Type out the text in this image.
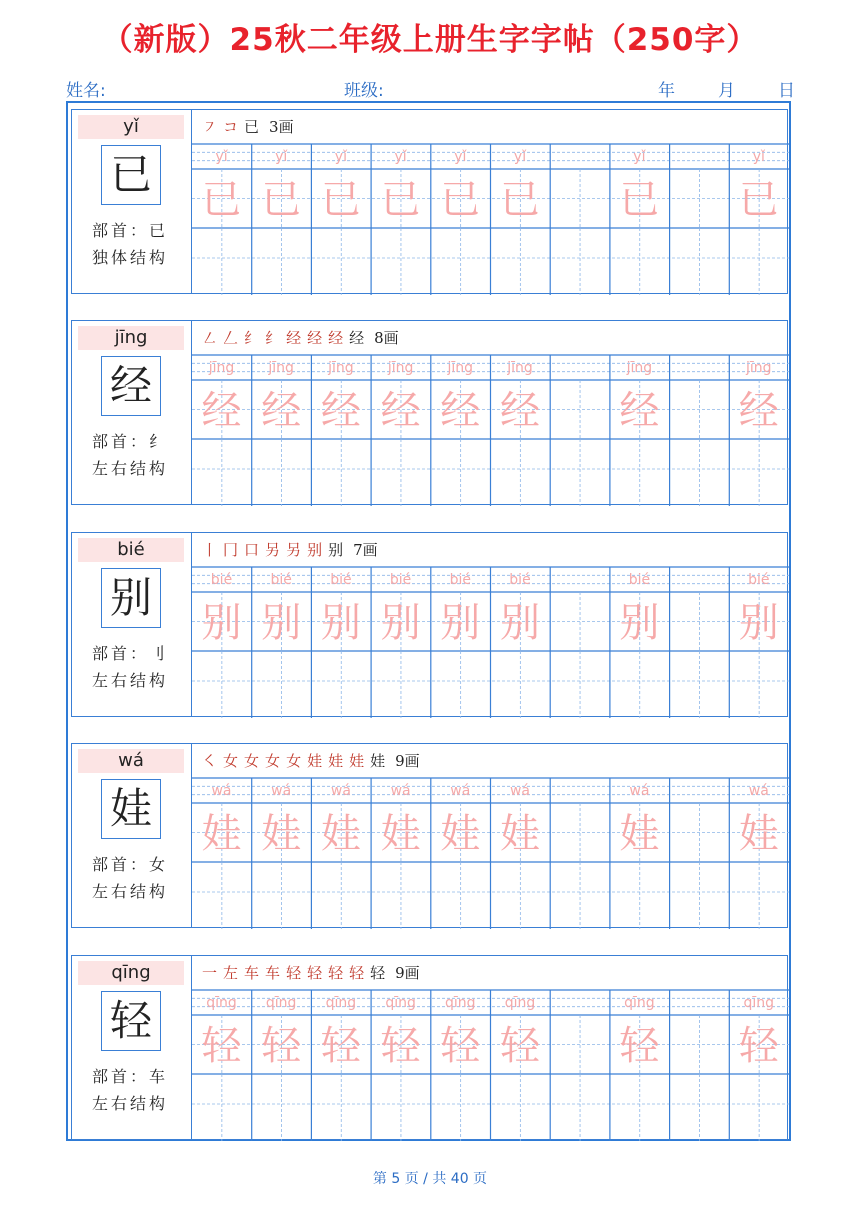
（新版）25秋二年级上册生字字帖（250字）
姓名:	班级:	年	月	日
yǐ
已
部首：已
独体结构
㇇ コ 已 3画
yǐ
已
yǐ
已
yǐ
已
yǐ
已
yǐ
已
yǐ
已
yǐ
已
yǐ
已
jīng
经
部首：纟
左右结构
㇜ 𠃋 纟 纟 经 经 经 经 8画
jīng
经
jīng
经
jīng
经
jīng
经
jīng
经
jīng
经
jīng
经
jīng
经
bié
别
部首：刂
左右结构
丨 冂 口 另 另 别 别 7画
bié
别
bié
别
bié
别
bié
别
bié
别
bié
别
bié
别
bié
别
wá
娃
部首：女
左右结构
㇛ 女 女 女 女 娃 娃 娃 娃 9画
wá
娃
wá
娃
wá
娃
wá
娃
wá
娃
wá
娃
wá
娃
wá
娃
qīng
轻
部首：车
左右结构
一 左 车 车 轻 轻 轻 轻 轻 9画
qīng
轻
qīng
轻
qīng
轻
qīng
轻
qīng
轻
qīng
轻
qīng
轻
qīng
轻
第 5 页 / 共 40 页
